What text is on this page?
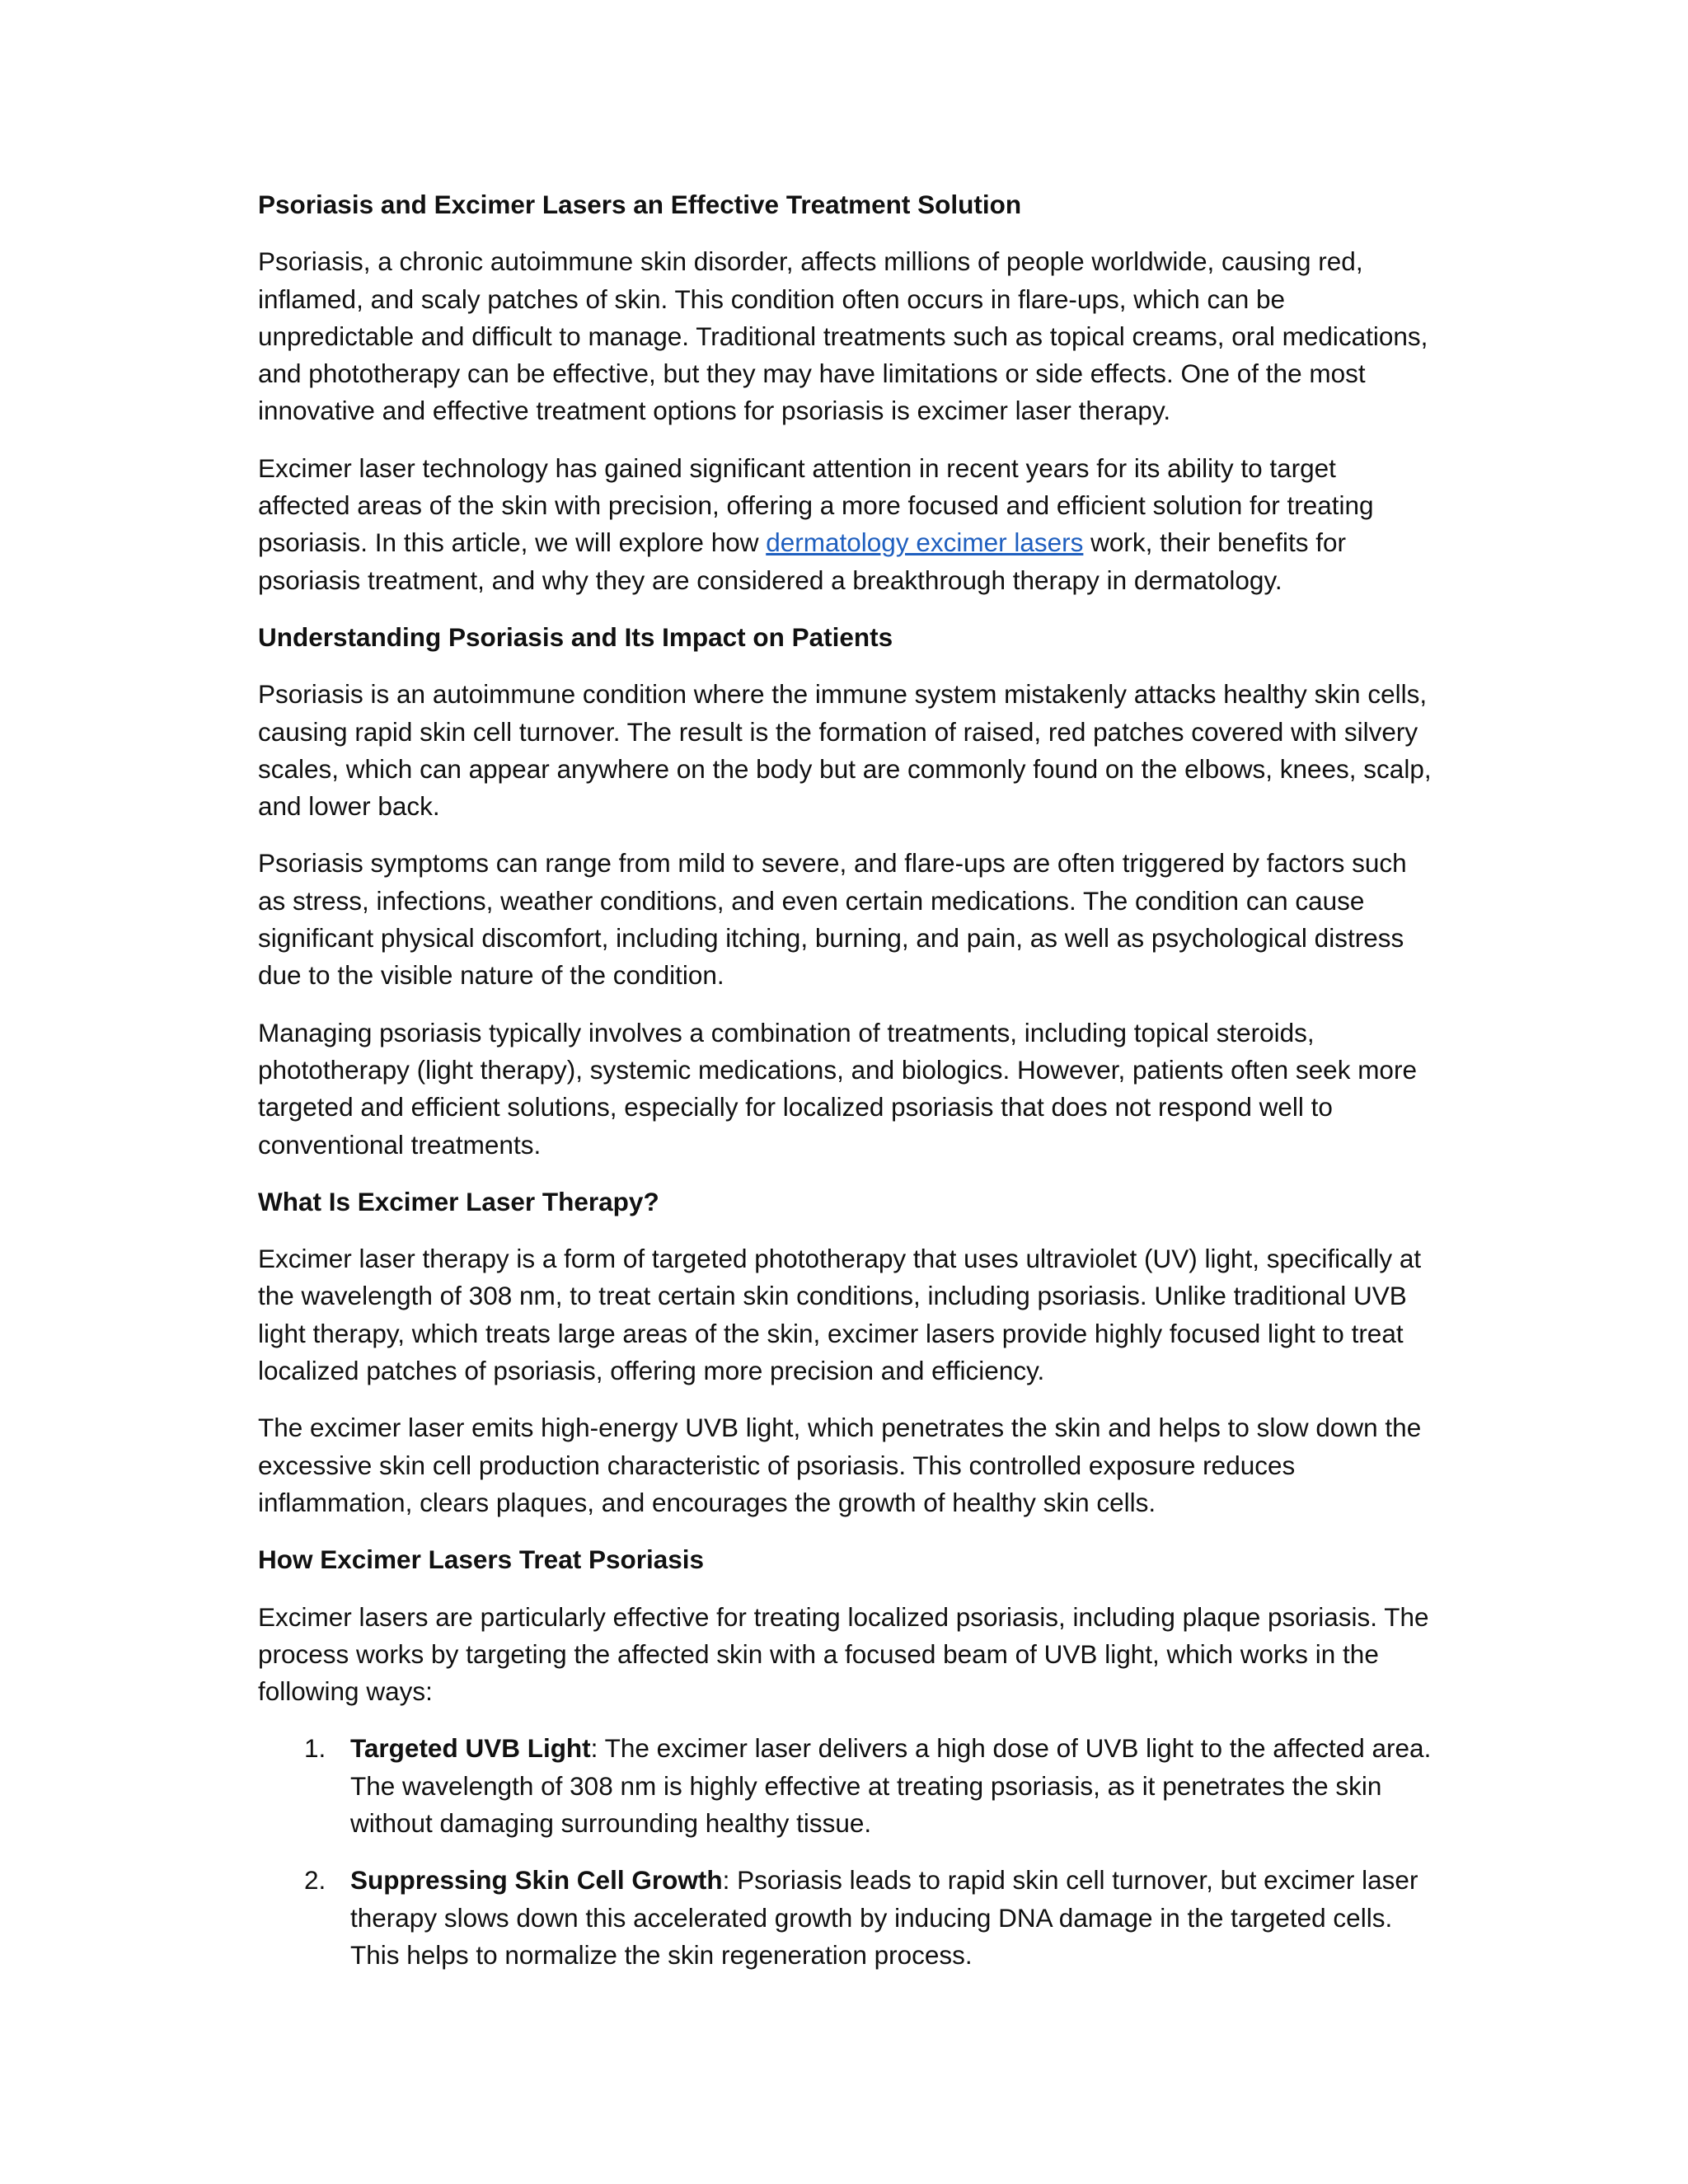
Psoriasis and Excimer Lasers an Effective Treatment Solution

Psoriasis, a chronic autoimmune skin disorder, affects millions of people worldwide, causing red, inflamed, and scaly patches of skin. This condition often occurs in flare-ups, which can be unpredictable and difficult to manage. Traditional treatments such as topical creams, oral medications, and phototherapy can be effective, but they may have limitations or side effects. One of the most innovative and effective treatment options for psoriasis is excimer laser therapy.

Excimer laser technology has gained significant attention in recent years for its ability to target affected areas of the skin with precision, offering a more focused and efficient solution for treating psoriasis. In this article, we will explore how dermatology excimer lasers work, their benefits for psoriasis treatment, and why they are considered a breakthrough therapy in dermatology.

Understanding Psoriasis and Its Impact on Patients

Psoriasis is an autoimmune condition where the immune system mistakenly attacks healthy skin cells, causing rapid skin cell turnover. The result is the formation of raised, red patches covered with silvery scales, which can appear anywhere on the body but are commonly found on the elbows, knees, scalp, and lower back.

Psoriasis symptoms can range from mild to severe, and flare-ups are often triggered by factors such as stress, infections, weather conditions, and even certain medications. The condition can cause significant physical discomfort, including itching, burning, and pain, as well as psychological distress due to the visible nature of the condition.

Managing psoriasis typically involves a combination of treatments, including topical steroids, phototherapy (light therapy), systemic medications, and biologics. However, patients often seek more targeted and efficient solutions, especially for localized psoriasis that does not respond well to conventional treatments.

What Is Excimer Laser Therapy?

Excimer laser therapy is a form of targeted phototherapy that uses ultraviolet (UV) light, specifically at the wavelength of 308 nm, to treat certain skin conditions, including psoriasis. Unlike traditional UVB light therapy, which treats large areas of the skin, excimer lasers provide highly focused light to treat localized patches of psoriasis, offering more precision and efficiency.

The excimer laser emits high-energy UVB light, which penetrates the skin and helps to slow down the excessive skin cell production characteristic of psoriasis. This controlled exposure reduces inflammation, clears plaques, and encourages the growth of healthy skin cells.

How Excimer Lasers Treat Psoriasis

Excimer lasers are particularly effective for treating localized psoriasis, including plaque psoriasis. The process works by targeting the affected skin with a focused beam of UVB light, which works in the following ways:

1. Targeted UVB Light: The excimer laser delivers a high dose of UVB light to the affected area. The wavelength of 308 nm is highly effective at treating psoriasis, as it penetrates the skin without damaging surrounding healthy tissue.
2. Suppressing Skin Cell Growth: Psoriasis leads to rapid skin cell turnover, but excimer laser therapy slows down this accelerated growth by inducing DNA damage in the targeted cells. This helps to normalize the skin regeneration process.
